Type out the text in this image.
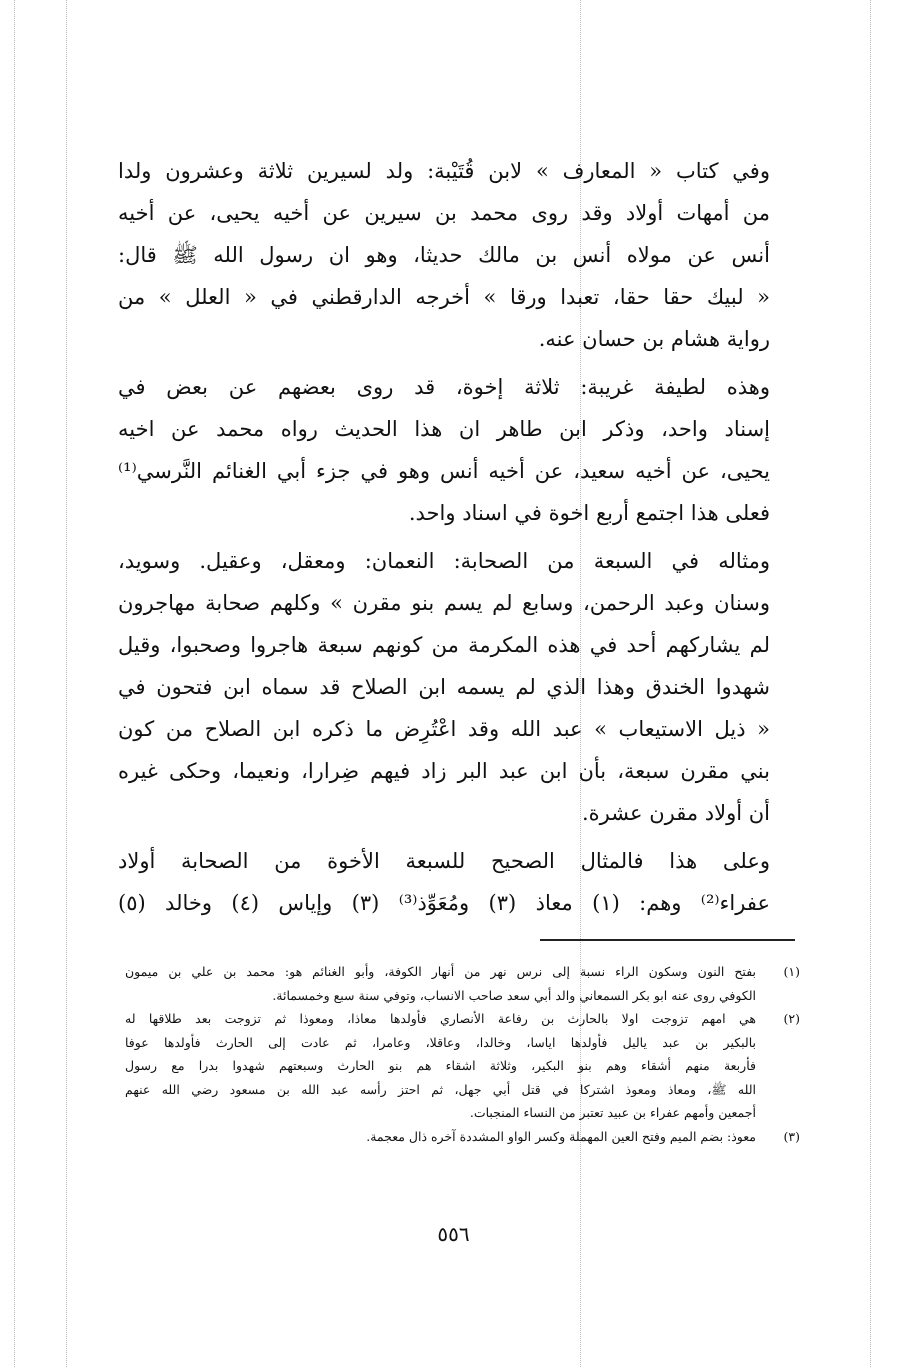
وفي كتاب « المعارف » لابن قُتَيْبة: ولد لسيرين ثلاثة وعشرون ولدا
من أمهات أولاد وقد روى محمد بن سيرين عن أخيه يحيى، عن أخيه
أنس عن مولاه أنس بن مالك حديثا، وهو ان رسول الله ﷺ قال:
« لبيك حقا حقا، تعبدا ورقا » أخرجه الدارقطني في « العلل » من
رواية هشام بن حسان عنه.

وهذه لطيفة غريبة: ثلاثة إخوة، قد روى بعضهم عن بعض في
إسناد واحد، وذكر ابن طاهر ان هذا الحديث رواه محمد عن اخيه
يحيى، عن أخيه سعيد، عن أخيه أنس وهو في جزء أبي الغنائم النَّرسي⁽¹⁾
فعلى هذا اجتمع أربع اخوة في اسناد واحد.

ومثاله في السبعة من الصحابة: النعمان: ومعقل، وعقيل. وسويد،
وسنان وعبد الرحمن، وسابع لم يسم بنو مقرن » وكلهم صحابة مهاجرون
لم يشاركهم أحد في هذه المكرمة من كونهم سبعة هاجروا وصحبوا، وقيل
شهدوا الخندق وهذا الذي لم يسمه ابن الصلاح قد سماه ابن فتحون في
« ذيل الاستيعاب » عبد الله وقد اعْتُرِض ما ذكره ابن الصلاح من كون
بني مقرن سبعة، بأن ابن عبد البر زاد فيهم ضِرارا، ونعيما، وحكى غيره
أن أولاد مقرن عشرة.

وعلى هذا فالمثال الصحيح للسبعة الأخوة من الصحابة أولاد
عفراء⁽²⁾ وهم: (١) معاذ (٣) ومُعَوِّذ⁽³⁾ (٣) وإياس (٤) وخالد (٥)

(١)
بفتح النون وسكون الراء نسبة إلى نرس نهر من أنهار الكوفة، وأبو الغنائم هو: محمد بن علي بن ميمون
الكوفي روى عنه ابو بكر السمعاني والد أبي سعد صاحب الانساب، وتوفي سنة سبع وخمسمائة.
(٢)
هي امهم تزوجت اولا بالحارث بن رفاعة الأنصاري فأولدها معاذا، ومعوذا ثم تزوجت بعد طلاقها له
بالبكير بن عبد ياليل فأولدها اياسا، وخالدا، وعاقلا، وعامرا، ثم عادت إلى الحارث فأولدها عوفا
فأربعة منهم أشقاء وهم بنو البكير، وثلاثة اشقاء هم بنو الحارث وسبعتهم شهدوا بدرا مع رسول
الله ﷺ، ومعاذ ومعوذ اشتركا في قتل أبي جهل، ثم احتز رأسه عبد الله بن مسعود رضي الله عنهم
أجمعين وأمهم عفراء بن عبيد تعتبر من النساء المنجبات.
(٣)
معوذ: بضم الميم وفتح العين المهملة وكسر الواو المشددة آخره ذال معجمة.
٥٥٦
